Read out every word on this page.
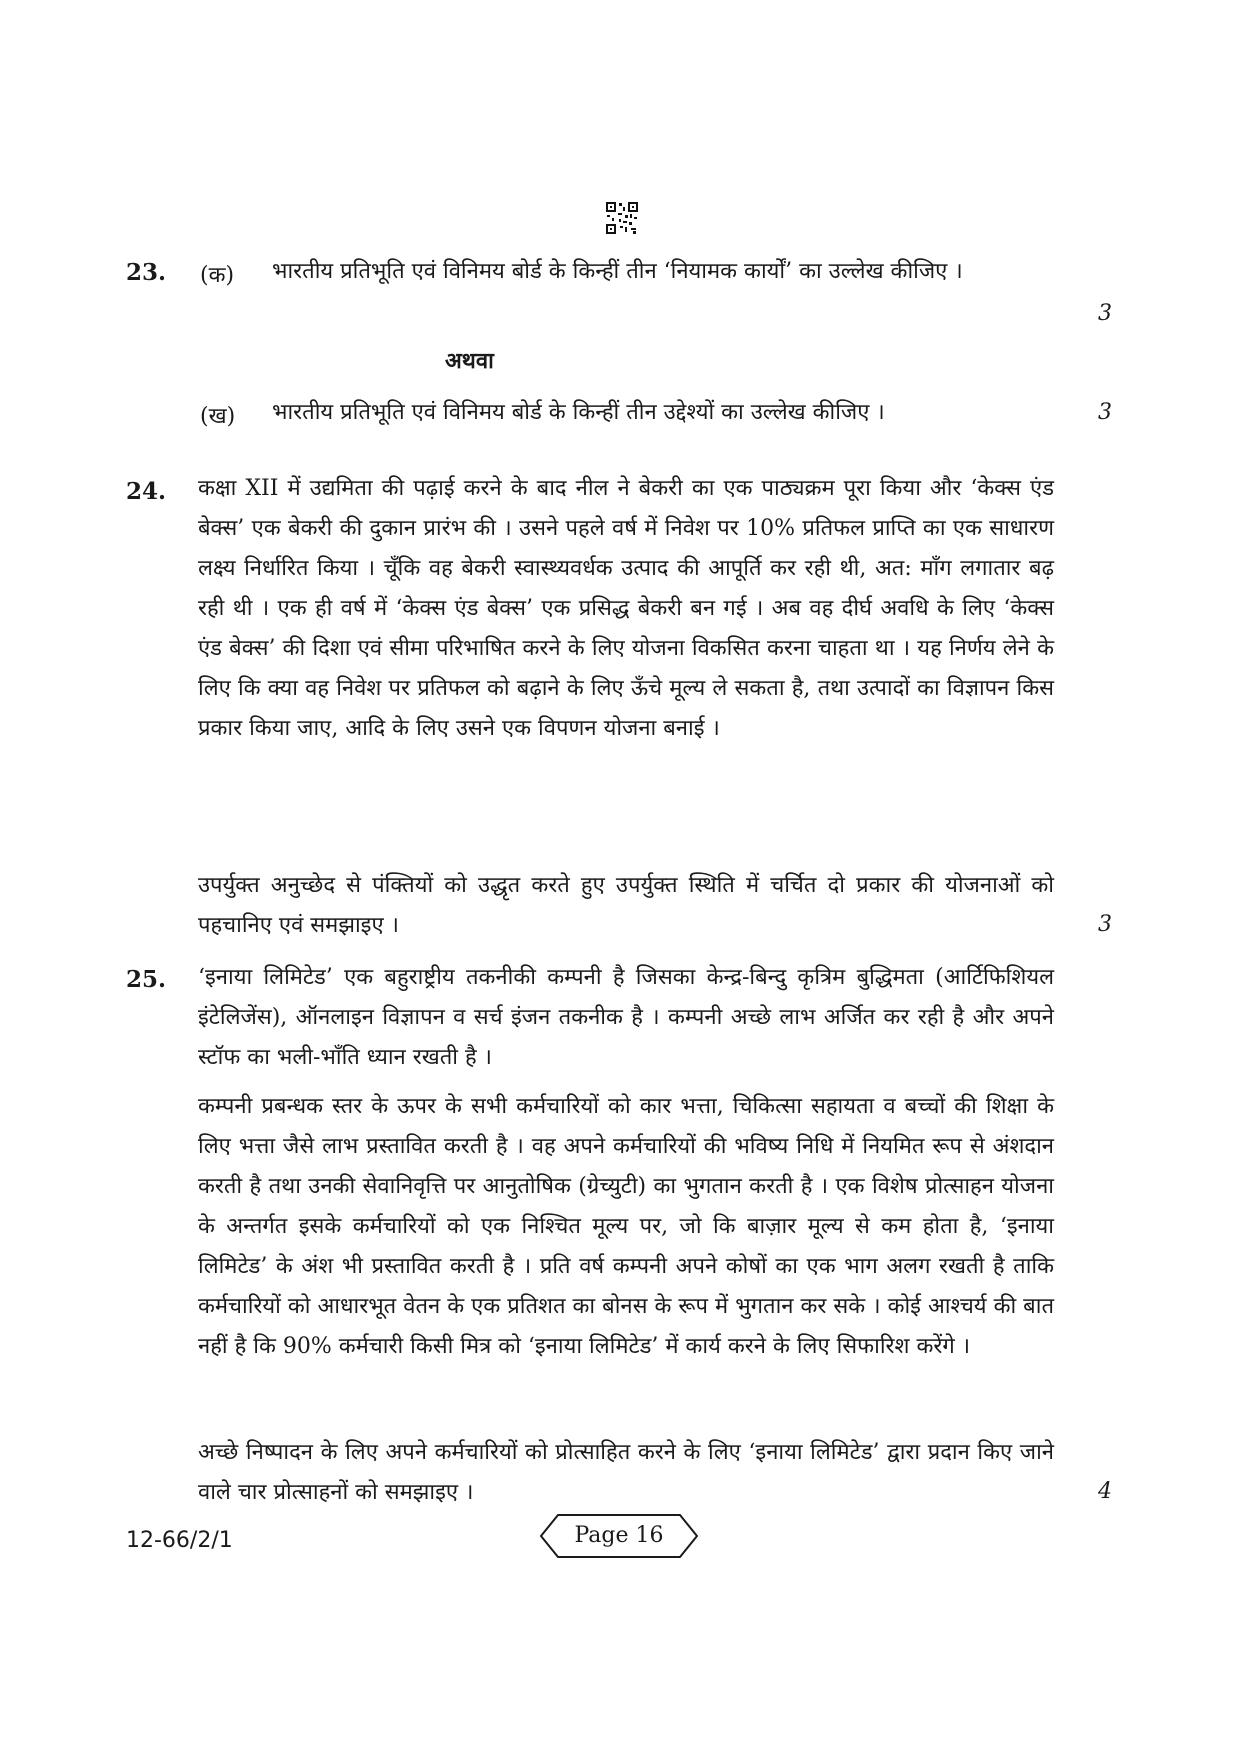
23. (क) भारतीय प्रतिभूति एवं विनिमय बोर्ड के किन्हीं तीन ‘नियामक कार्यों’ का उल्लेख कीजिए ।
3
अथवा
(ख) भारतीय प्रतिभूति एवं विनिमय बोर्ड के किन्हीं तीन उद्देश्यों का उल्लेख कीजिए ।	3
24. कक्षा XII में उद्यमिता की पढ़ाई करने के बाद नील ने बेकरी का एक पाठ्यक्रम पूरा किया और ‘केक्स एंड बेक्स’ एक बेकरी की दुकान प्रारंभ की । उसने पहले वर्ष में निवेश पर 10% प्रतिफल प्राप्ति का एक साधारण लक्ष्य निर्धारित किया । चूँकि वह बेकरी स्वास्थ्यवर्धक उत्पाद की आपूर्ति कर रही थी, अत: माँग लगातार बढ़ रही थी । एक ही वर्ष में ‘केक्स एंड बेक्स’ एक प्रसिद्ध बेकरी बन गई । अब वह दीर्घ अवधि के लिए ‘केक्स एंड बेक्स’ की दिशा एवं सीमा परिभाषित करने के लिए योजना विकसित करना चाहता था । यह निर्णय लेने के लिए कि क्या वह निवेश पर प्रतिफल को बढ़ाने के लिए ऊँचे मूल्य ले सकता है, तथा उत्पादों का विज्ञापन किस प्रकार किया जाए, आदि के लिए उसने एक विपणन योजना बनाई ।
उपर्युक्त अनुच्छेद से पंक्तियों को उद्धृत करते हुए उपर्युक्त स्थिति में चर्चित दो प्रकार की योजनाओं को पहचानिए एवं समझाइए ।	3
25. ‘इनाया लिमिटेड’ एक बहुराष्ट्रीय तकनीकी कम्पनी है जिसका केन्द्र-बिन्दु कृत्रिम बुद्धिमता (आर्टिफिशियल इंटेलिजेंस), ऑनलाइन विज्ञापन व सर्च इंजन तकनीक है । कम्पनी अच्छे लाभ अर्जित कर रही है और अपने स्टॉफ का भली-भाँति ध्यान रखती है ।
कम्पनी प्रबन्धक स्तर के ऊपर के सभी कर्मचारियों को कार भत्ता, चिकित्सा सहायता व बच्चों की शिक्षा के लिए भत्ता जैसे लाभ प्रस्तावित करती है । वह अपने कर्मचारियों की भविष्य निधि में नियमित रूप से अंशदान करती है तथा उनकी सेवानिवृत्ति पर आनुतोषिक (ग्रेच्युटी) का भुगतान करती है । एक विशेष प्रोत्साहन योजना के अन्तर्गत इसके कर्मचारियों को एक निश्चित मूल्य पर, जो कि बाज़ार मूल्य से कम होता है, ‘इनाया लिमिटेड’ के अंश भी प्रस्तावित करती है । प्रति वर्ष कम्पनी अपने कोषों का एक भाग अलग रखती है ताकि कर्मचारियों को आधारभूत वेतन के एक प्रतिशत का बोनस के रूप में भुगतान कर सके । कोई आश्चर्य की बात नहीं है कि 90% कर्मचारी किसी मित्र को ‘इनाया लिमिटेड’ में कार्य करने के लिए सिफारिश करेंगे ।
अच्छे निष्पादन के लिए अपने कर्मचारियों को प्रोत्साहित करने के लिए ‘इनाया लिमिटेड’ द्वारा प्रदान किए जाने वाले चार प्रोत्साहनों को समझाइए ।	4
12-66/2/1	Page 16
